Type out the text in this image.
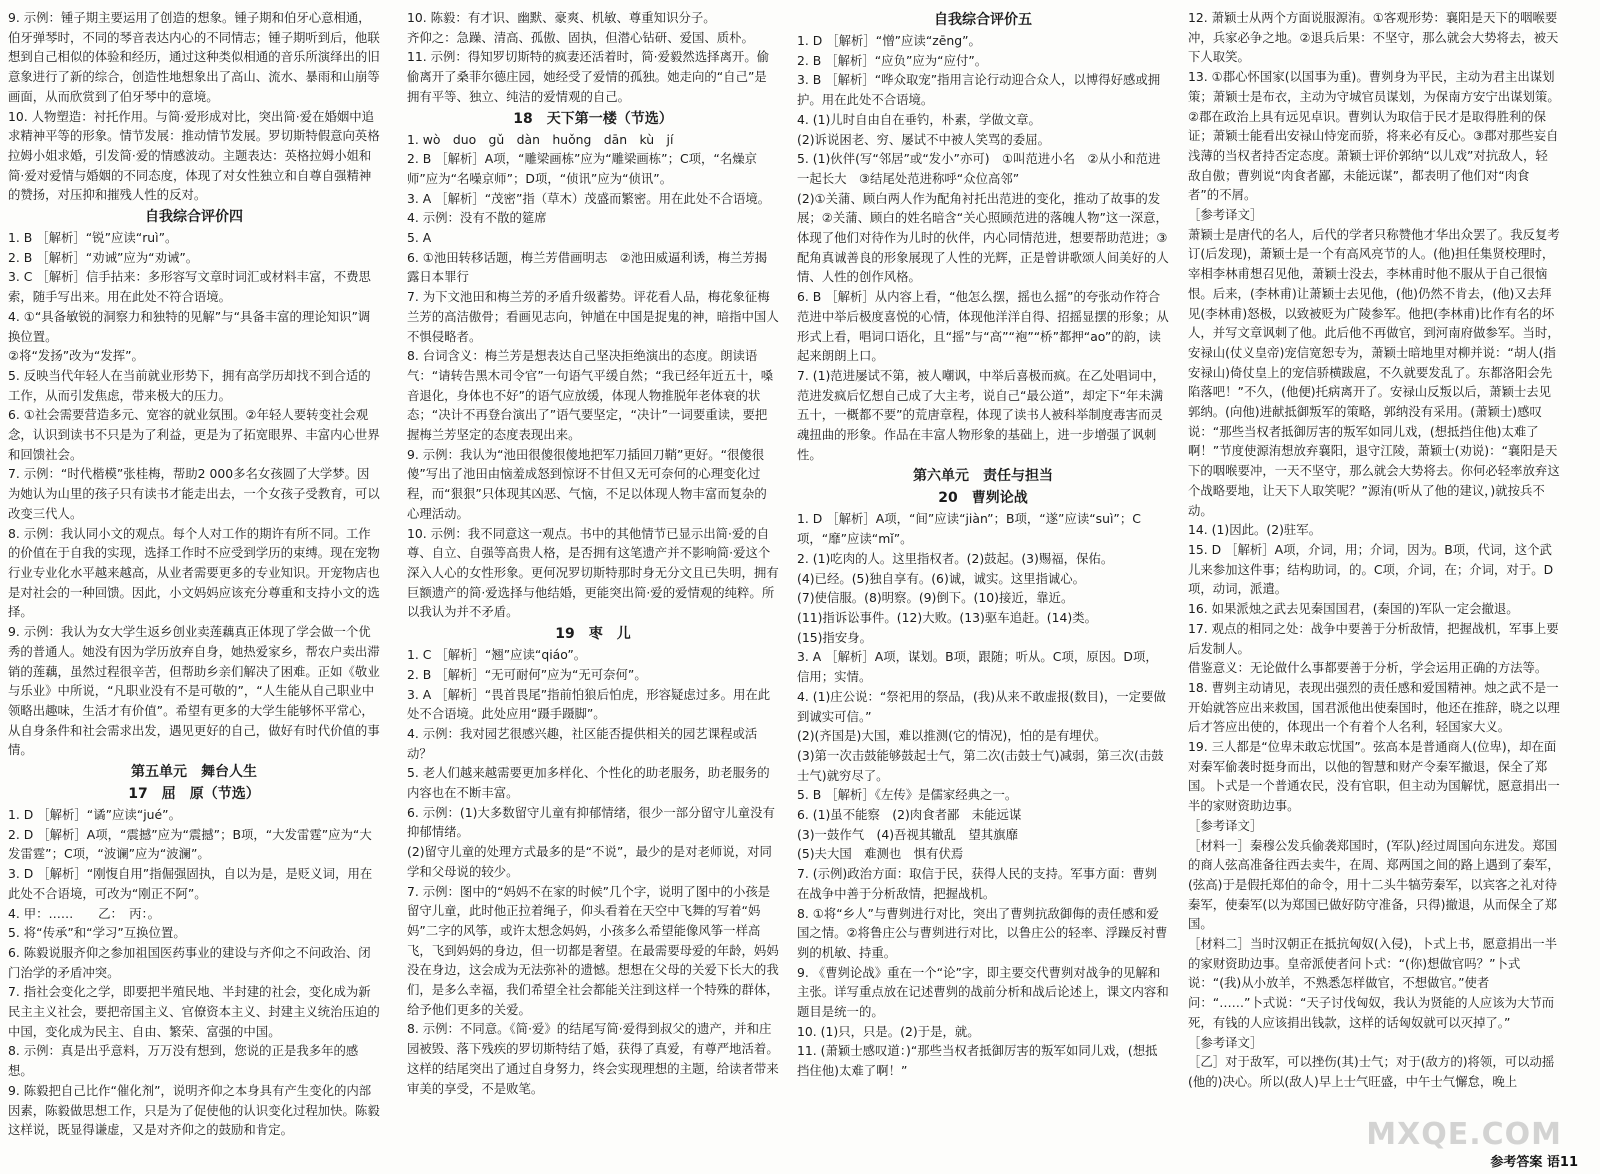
9. 示例：锺子期主要运用了创造的想象。锺子期和伯牙心意相通，伯牙弹琴时，不同的琴音表达内心的不同情志；锺子期听到后，他联想到自己相似的体验和经历，通过这种类似相通的音乐所演绎出的旧意象进行了新的综合，创造性地想象出了高山、流水、暴雨和山崩等画面，从而欣赏到了伯牙琴中的意境。
10. 人物塑造：衬托作用。与简·爱形成对比，突出简·爱在婚姻中追求精神平等的形象。情节发展：推动情节发展。罗切斯特假意向英格拉姆小姐求婚，引发简·爱的情感波动。主题表达：英格拉姆小姐和简·爱对爱情与婚姻的不同态度，体现了对女性独立和自尊自强精神的赞扬，对压抑和摧残人性的反对。
自我综合评价四
1. B ［解析］“锐”应读“ruì”。
2. B ［解析］“劝诫”应为“劝诫”。
3. C ［解析］信手拈来：多形容写文章时词汇或材料丰富，不费思索，随手写出来。用在此处不符合语境。
4. ①“具备敏锐的洞察力和独特的见解”与“具备丰富的理论知识”调换位置。
②将“发扬”改为“发挥”。
5. 反映当代年轻人在当前就业形势下，拥有高学历却找不到合适的工作，从而引发焦虑，带来极大的压力。
6. ①社会需要营造多元、宽容的就业氛围。②年轻人要转变社会观念，认识到读书不只是为了利益，更是为了拓宽眼界、丰富内心世界和回馈社会。
7. 示例：“时代楷模”张桂梅，帮助2 000多名女孩圆了大学梦。因为她认为山里的孩子只有读书才能走出去，一个女孩子受教育，可以改变三代人。
8. 示例：我认同小文的观点。每个人对工作的期许有所不同。工作的价值在于自我的实现，选择工作时不应受到学历的束缚。现在宠物行业专业化水平越来越高，从业者需要更多的专业知识。开宠物店也是对社会的一种回馈。因此，小文妈妈应该充分尊重和支持小文的选择。
9. 示例：我认为女大学生返乡创业卖莲藕真正体现了学会做一个优秀的普通人。她没有因为学历放弃自身，她热爱家乡，帮农户卖出滞销的莲藕，虽然过程很辛苦，但帮助乡亲们解决了困难。正如《敬业与乐业》中所说，“凡职业没有不是可敬的”，“人生能从自己职业中领略出趣味，生活才有价值”。希望有更多的大学生能够怀平常心，从自身条件和社会需求出发，遇见更好的自己，做好有时代价值的事情。
第五单元　舞台人生
17　屈　原（节选）
1. D ［解析］“谲”应读“jué”。
2. D ［解析］A项，“震撼”应为“震撼”；B项，“大发雷霆”应为“大发雷霆”；C项，“波谰”应为“波澜”。
3. D ［解析］“刚愎自用”指倔强固执，自以为是，是贬义词，用在此处不合语境，可改为“刚正不阿”。
4. 甲：……　　乙：　丙：。
5. 将“传承”和“学习”互换位置。
6. 陈毅说服齐仰之参加祖国医药事业的建设与齐仰之不问政治、闭门治学的矛盾冲突。
7. 指社会变化之学，即要把半殖民地、半封建的社会，变化成为新民主主义社会，要把帝国主义、官僚资本主义、封建主义统治压迫的中国，变化成为民主、自由、繁荣、富强的中国。
8. 示例：真是出乎意料，万万没有想到，您说的正是我多年的感想。
9. 陈毅把自己比作“催化剂”，说明齐仰之本身具有产生变化的内部因素，陈毅做思想工作，只是为了促使他的认识变化过程加快。陈毅这样说，既显得谦虚，又是对齐仰之的鼓励和肯定。
10. 陈毅：有才识、幽默、豪爽、机敏、尊重知识分子。
齐仰之：急躁、清高、孤傲、固执，但潜心钻研、爱国、质朴。
11. 示例：得知罗切斯特的疯妻还活着时，简·爱毅然选择离开。偷偷离开了桑菲尔德庄园，她经受了爱情的孤独。她走向的“自己”是拥有平等、独立、纯洁的爱情观的自己。
18　天下第一楼（节选）
1. wò　duo　gǔ　dàn　huǒng　dān　kù　jí
2. B ［解析］A项，“雕梁画栋”应为“雕梁画栋”；C项，“名燥京师”应为“名噪京师”；D项，“侦讯”应为“侦讯”。
3. A ［解析］“茂密”指（草木）茂盛而繁密。用在此处不合语境。
4. 示例：没有不散的筵席
5. A
6. ①池田转移话题，梅兰芳借画明志　②池田威逼利诱，梅兰芳揭露日本罪行
7. 为下文池田和梅兰芳的矛盾升级蓄势。评花看人品，梅花象征梅兰芳的高洁傲骨；看画见志向，钟馗在中国是捉鬼的神，暗指中国人不惧侵略者。
8. 台词含义：梅兰芳是想表达自己坚决拒绝演出的态度。朗读语气：“请转告黑木司令官”一句语气平缓自然；“我已经年近五十，嗓音退化，身体也不好”的语气应放缓，体现人物推脱年老体衰的状态；“决计不再登台演出了”语气要坚定，“决计”一词要重读，要把握梅兰芳坚定的态度表现出来。
9. 示例：我认为“池田很傻很傻地把军刀插回刀鞘”更好。“很傻很傻”写出了池田由恼羞成怒到惊讶不甘但又无可奈何的心理变化过程，而“狠狠”只体现其凶恶、气恼，不足以体现人物丰富而复杂的心理活动。
10. 示例：我不同意这一观点。书中的其他情节已显示出简·爱的自尊、自立、自强等高贵人格，是否拥有这笔遗产并不影响简·爱这个深入人心的女性形象。更何况罗切斯特那时身无分文且已失明，拥有巨额遗产的简·爱选择与他结婚，更能突出简·爱的爱情观的纯粹。所以我认为并不矛盾。
19　枣　儿
1. C ［解析］“翘”应读“qiáo”。
2. B ［解析］“无可耐何”应为“无可奈何”。
3. A ［解析］“畏首畏尾”指前怕狼后怕虎，形容疑虑过多。用在此处不合语境。此处应用“蹑手蹑脚”。
4. 示例：我对园艺很感兴趣，社区能否提供相关的园艺课程或活动？
5. 老人们越来越需要更加多样化、个性化的助老服务，助老服务的内容也在不断丰富。
6. 示例：(1)大多数留守儿童有抑郁情绪，很少一部分留守儿童没有抑郁情绪。
(2)留守儿童的处理方式最多的是“不说”，最少的是对老师说，对同学和父母说的较少。
7. 示例：图中的“妈妈不在家的时候”几个字，说明了图中的小孩是留守儿童，此时他正拉着绳子，仰头看着在天空中飞舞的写着“妈妈”二字的风筝，或许太想念妈妈，小孩多么希望能像风筝一样高飞，飞到妈妈的身边，但一切都是奢望。在最需要母爱的年龄，妈妈没在身边，这会成为无法弥补的遗憾。想想在父母的关爱下长大的我们，是多么幸福，我们希望全社会都能关注到这样一个特殊的群体，给予他们更多的关爱。
8. 示例：不同意。《简·爱》的结尾写简·爱得到叔父的遗产，并和庄园被毁、落下残疾的罗切斯特结了婚，获得了真爱，有尊严地活着。这样的结尾突出了通过自身努力，终会实现理想的主题，给读者带来审美的享受，不是败笔。
自我综合评价五
1. D ［解析］“憎”应读“zēng”。
2. B ［解析］“应负”应为“应付”。
3. B ［解析］“哗众取宠”指用言论行动迎合众人，以博得好感或拥护。用在此处不合语境。
4. (1)儿时自由自在垂钓，朴素，学做文章。
(2)诉说困老、穷、屡试不中被人笑骂的委屈。
5. (1)伙伴(写“邻居”或“发小”亦可)　①叫范进小名　②从小和范进一起长大　③结尾处范进称呼“众位高邻”
(2)①关蒲、顾白两人作为配角衬托出范进的变化，推动了故事的发展；②关蒲、顾白的姓名暗含“关心照顾范进的落魄人物”这一深意，体现了他们对待作为儿时的伙伴，内心同情范进，想要帮助范进；③配角真诚善良的形象展现了人性的光辉，正是曾讲歌颂人间美好的人情、人性的创作风格。
6. B ［解析］从内容上看，“他怎么摆，摇也么摇”的夸张动作符合范进中举后极度喜悦的心情，体现他洋洋自得、招摇显摆的形象；从形式上看，唱词口语化，且“摇”与“高”“袍”“桥”都押“ao”的韵，读起来朗朗上口。
7. (1)范进屡试不第，被人嘲讽，中举后喜极而疯。在乙处唱词中，范进发疯后忆想自己成了大主考，说自己“最公道”，却定下“年未满五十，一概都不要”的荒唐章程，体现了读书人被科举制度毒害而灵魂扭曲的形象。作品在丰富人物形象的基础上，进一步增强了讽刺性。
第六单元　责任与担当
20　曹刿论战
1. D ［解析］A项，“间”应读“jiàn”；B项，“遂”应读“suì”；C项，“靡”应读“mǐ”。
2. (1)吃肉的人。这里指权者。(2)鼓起。(3)赐福，保佑。
(4)已经。(5)独自享有。(6)诚，诚实。这里指诚心。
(7)使信服。(8)明察。(9)倒下。(10)接近，靠近。
(11)指诉讼事件。(12)大败。(13)驱车追赶。(14)类。
(15)指安身。
3. A ［解析］A项，谋划。B项，跟随；听从。C项，原因。D项，信用；实情。
4. (1)庄公说：“祭祀用的祭品，(我)从来不敢虚报(数目)，一定要做到诚实可信。”
(2)(齐国是)大国，难以推测(它的情况)，怕的是有埋伏。
(3)第一次击鼓能够鼓起士气，第二次(击鼓士气)减弱，第三次(击鼓士气)就穷尽了。
5. B ［解析］《左传》是儒家经典之一。
6. (1)虽不能察　(2)肉食者鄙　未能远谋
(3)一鼓作气　(4)吾视其辙乱　望其旗靡
(5)夫大国　难测也　惧有伏焉
7. (示例)政治方面：取信于民，获得人民的支持。军事方面：曹刿在战争中善于分析敌情，把握战机。
8. ①将“乡人”与曹刿进行对比，突出了曹刿抗敌御侮的责任感和爱国之情。②将鲁庄公与曹刿进行对比，以鲁庄公的轻率、浮躁反衬曹刿的机敏、持重。
9. 《曹刿论战》重在一个“论”字，即主要交代曹刿对战争的见解和主张。详写重点放在记述曹刿的战前分析和战后论述上，课文内容和题目是统一的。
10. (1)只，只是。(2)于是，就。
11. (萧颖士感叹道：)“那些当权者抵御厉害的叛军如同儿戏，(想抵挡住他)太难了啊！”
12. 萧颖士从两个方面说服源洧。①客观形势：襄阳是天下的咽喉要冲，兵家必争之地。②退兵后果：不坚守，那么就会大势将去，被天下人取笑。
13. ①郡心怀国家(以国事为重)。曹刿身为平民，主动为君主出谋划策；萧颖士是布衣，主动为守城官员谋划，为保南方安宁出谋划策。②郡在政治上具有远见卓识。曹刿认为取信于民才是取得胜利的保证；萧颖士能看出安禄山恃宠而骄，将来必有反心。③郡对那些妄自浅薄的当权者持否定态度。萧颖士评价郭纳“以儿戏”对抗敌人，轻敌自傲；曹刿说“肉食者鄙，未能远谋”，都表明了他们对“肉食者”的不屑。
［参考译文］
萧颖士是唐代的名人，后代的学者只称赞他才华出众罢了。我反复考订(后发现)，萧颖士是一个有高风亮节的人。(他)担任集贤校理时，宰相李林甫想召见他，萧颖士没去，李林甫时他不服从于自己很恼恨。后来，(李林甫)让萧颖士去见他，(他)仍然不肯去，(他)又去拜见(李林甫)怒极，以致被贬为广陵参军。他把(李林甫)比作有名的坏人，并写文章讽刺了他。此后他不再做官，到河南府做参军。当时，安禄山(仗义皇帝)宠信宽恕专为，萧颖士暗地里对柳并说：“胡人(指安禄山)倚仗皇上的宠信骄横跋扈，不久就要发乱了。东都洛阳会先陷落吧！”不久，(他便)托病离开了。安禄山反叛以后，萧颖士去见郭纳。(向他)进献抵御叛军的策略，郭纳没有采用。(萧颖士)感叹说：“那些当权者抵御厉害的叛军如同儿戏，(想抵挡住他)太难了啊！”节度使源洧想放弃襄阳，退守江陵，萧颖士(劝说)：“襄阳是天下的咽喉要冲，一天不坚守，那么就会大势将去。你何必轻率放弃这个战略要地，让天下人取笑呢？”源洧(听从了他的建议，)就按兵不动。
14. (1)因此。(2)驻军。
15. D ［解析］A项，介词，用；介词，因为。B项，代词，这个武儿来参加这件事；结构助词，的。C项，介词，在；介词，对于。D项，动词，派遣。
16. 如果派烛之武去见秦国国君，(秦国的)军队一定会撤退。
17. 观点的相同之处：战争中要善于分析敌情，把握战机，军事上要后发制人。
借鉴意义：无论做什么事都要善于分析，学会运用正确的方法等。
18. 曹刿主动请见，表现出强烈的责任感和爱国精神。烛之武不是一开始就答应出来救国，国君派他出使秦国时，他还在推辞，晓之以理后才答应出使的，体现出一个有着个人名利，轻国家大义。
19. 三人都是“位卑未敢忘忧国”。弦高本是普通商人(位卑)，却在面对秦军偷袭时挺身而出，以他的智慧和财产令秦军撤退，保全了郑国。卜式是一个普通农民，没有官职，但主动为国解忧，愿意捐出一半的家财资助边事。
［参考译文］
［材料一］秦穆公发兵偷袭郑国时，(军队)经过周国向东进发。郑国的商人弦高准备往西去卖牛，在周、郑两国之间的路上遇到了秦军，(弦高)于是假托郑伯的命令，用十二头牛犒劳秦军，以宾客之礼对待秦军，使秦军(以为郑国已做好防守准备，只得)撤退，从而保全了郑国。
［材料二］当时汉朝正在抵抗匈奴(入侵)，卜式上书，愿意捐出一半的家财资助边事。皇帝派使者问卜式：“(你)想做官吗？”卜式说：“(我)从小放羊，不熟悉怎样做官，不想做官。”使者问：“……”卜式说：“天子讨伐匈奴，我认为贤能的人应该为大节而死，有钱的人应该捐出钱款，这样的话匈奴就可以灭掉了。”
［参考译文］
［乙］对于敌军，可以挫伤(其)士气；对于(敌方的)将领，可以动摇(他的)决心。所以(敌人)早上士气旺盛，中午士气懈怠，晚上
MXQE.COM
参考答案 语11
